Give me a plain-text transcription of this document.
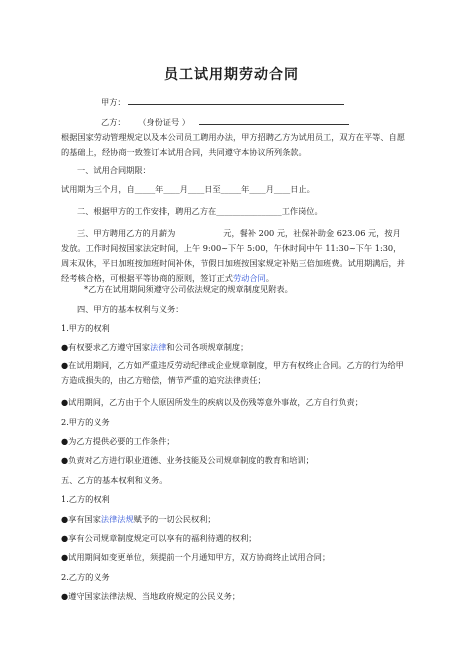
员工试用期劳动合同
甲方：
乙方： （身份证号 ）
根据国家劳动管理规定以及本公司员工聘用办法，甲方招聘乙方为试用员工，双方在平等、自愿的基础上，经协商一致签订本试用合同，共同遵守本协议所列条款。
一、试用合同期限：
试用期为三个月，自_____年____月____日至_____年____月____日止。
二、根据甲方的工作安排，聘用乙方在________________工作岗位。
三、甲方聘用乙方的月薪为	元，餐补 200 元，社保补助金 623.06 元，按月发放。工作时间按国家法定时间，上午 9:00~下午 5:00，午休时间中午 11:30~下午 1:30，周末双休，平日加班按加班时间补休，节假日加班按国家规定补贴三倍加班费。试用期满后，并经考核合格，可根据平等协商的原则，签订正式劳动合同。
*乙方在试用期间须遵守公司依法规定的规章制度见附表。
四、甲方的基本权利与义务：
1.甲方的权利
●有权要求乙方遵守国家法律和公司各项规章制度；
●在试用期间，乙方如严重违反劳动纪律或企业规章制度，甲方有权终止合同。乙方的行为给甲方造成损失的，由乙方赔偿，情节严重的追究法律责任；
●试用期间，乙方由于个人原因所发生的疾病以及伤残等意外事故，乙方自行负责；
2.甲方的义务
●为乙方提供必要的工作条件；
●负责对乙方进行职业道德、业务技能及公司规章制度的教育和培训；
五、乙方的基本权利和义务。
1.乙方的权利
●享有国家法律法规赋予的一切公民权利；
●享有公司规章制度规定可以享有的福利待遇的权利；
●试用期间如变更单位，须提前一个月通知甲方，双方协商终止试用合同；
2.乙方的义务
●遵守国家法律法规、当地政府规定的公民义务；
